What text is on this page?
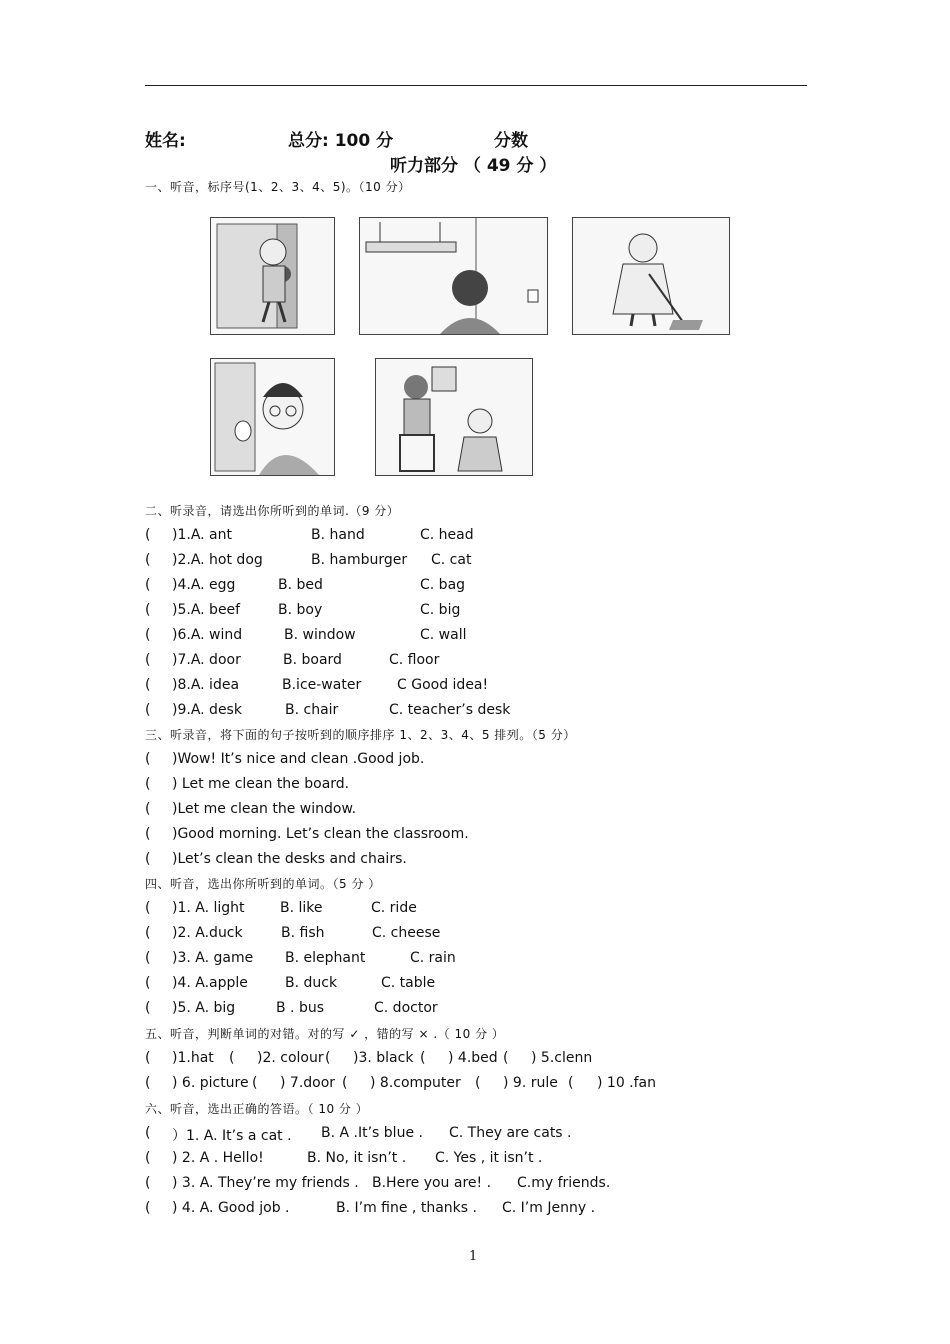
姓名:	总分: 100 分	分数
听力部分 （ 49 分 ）
一、听音，标序号(1、2、3、4、5)。（10 分）
二、听录音，请选出你所听到的单词.（9 分）
( )1.A. ant	B. hand	C. head
( )2.A. hot dog	B. hamburger C. cat
( )4.A. egg	B. bed	C. bag
( )5.A. beef	B. boy	C. big
( )6.A. wind	B. window	C. wall
( )7.A. door	B. board	C. floor
( )8.A. idea	B.ice-water	C Good idea!
( )9.A. desk	B. chair	C. teacher’s desk
三、听录音，将下面的句子按听到的顺序排序 1、2、3、4、5 排列。（5 分）
( )Wow! It’s nice and clean .Good job.
( ) Let me clean the board.
( )Let me clean the window.
( )Good morning. Let’s clean the classroom.
( )Let’s clean the desks and chairs.
四、听音，选出你所听到的单词。（5 分 ）
( )1. A. light	B. like	C. ride
( )2. A.duck	B. fish	C. cheese
( )3. A. game B. elephant	C. rain
( )4. A.apple	B. duck	C. table
( )5. A. big	B . bus	C. doctor
五、听音，判断单词的对错。对的写 ✓ ，错的写 × .（ 10 分 ）
( )1.hat ( )2. colour ( )3. black ( ) 4.bed ( ) 5.clenn
( ) 6. picture ( ) 7.door ( ) 8.computer ( ) 9. rule ( ) 10 .fan
六、听音，选出正确的答语。（ 10 分 ）
( ）1. A. It’s a cat . B. A .It’s blue . C. They are cats .
( ) 2. A . Hello!	B. No, it isn’t . C. Yes , it isn’t .
( ) 3. A. They’re my friends . B.Here you are! . C.my friends.
( ) 4. A. Good job .	B. I’m fine , thanks . C. I’m Jenny .
1
